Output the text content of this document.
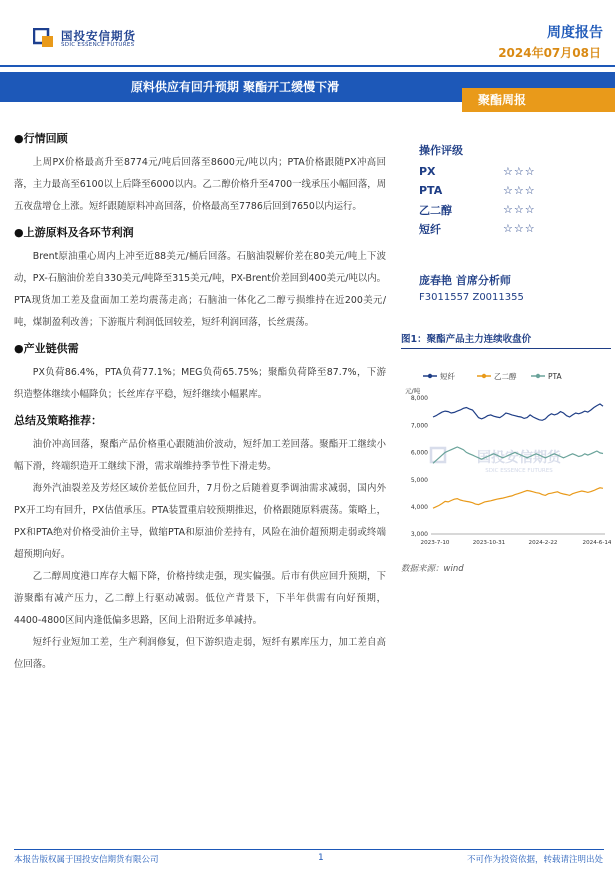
国投安信期货
SDIC ESSENCE FUTURES
周度报告
2024年07月08日
原料供应有回升预期 聚酯开工缓慢下滑
聚酯周报
●行情回顾

上周PX价格最高升至8774元/吨后回落至8600元/吨以内；PTA价格跟随PX冲高回落，主力最高至6100以上后降至6000以内。乙二醇价格升至4700一线承压小幅回落，周五夜盘增仓上涨。短纤跟随原料冲高回落，价格最高至7786后回到7650以内运行。

●上游原料及各环节利润

Brent原油重心周内上冲至近88美元/桶后回落。石脑油裂解价差在80美元/吨上下波动，PX-石脑油价差自330美元/吨降至315美元/吨，PX-Brent价差回到400美元/吨以内。PTA现货加工差及盘面加工差均震荡走高；石脑油一体化乙二醇亏损维持在近200美元/吨，煤制盈利改善；下游瓶片利润低回较差，短纤利润回落，长丝震荡。

●产业链供需

PX负荷86.4%，PTA负荷77.1%；MEG负荷65.75%；聚酯负荷降至87.7%，下游织造整体继续小幅降负；长丝库存平稳，短纤继续小幅累库。

总结及策略推荐：

油价冲高回落，聚酯产品价格重心跟随油价波动，短纤加工差回落。聚酯开工继续小幅下滑，终端织造开工继续下滑，需求端维持季节性下滑走势。

海外汽油裂差及芳烃区域价差低位回升，7月份之后随着夏季调油需求减弱，国内外PX开工均有回升，PX估值承压。PTA装置重启较预期推迟，价格跟随原料震荡。策略上，PX和PTA绝对价格受油价主导，做缩PTA和原油价差持有，风险在油价超预期走弱或终端超预期向好。

乙二醇周度港口库存大幅下降，价格持续走强，现实偏强。后市有供应回升预期，下游聚酯有减产压力，乙二醇上行驱动减弱。低位产背景下，下半年供需有向好预期，4400-4800区间内逢低偏多思路，区间上沿附近多单减持。

短纤行业短加工差，生产利润修复，但下游织造走弱，短纤有累库压力，加工差自高位回落。

操作评级
PX	☆☆☆
PTA	☆☆☆
乙二醇	☆☆☆
短纤	☆☆☆
庞春艳 首席分析师
F3011557 Z0011355
图1：聚酯产品主力连续收盘价
短纤	乙二醇	PTA
元/吨
8,000
7,000
6,000
5,000
4,000
3,000
2023-7-10	2023-10-31	2024-2-22	2024-6-14
国投安信期货
SDIC ESSENCE FUTURES
数据来源：wind
本报告版权属于国投安信期货有限公司	1	不可作为投资依据，转载请注明出处
